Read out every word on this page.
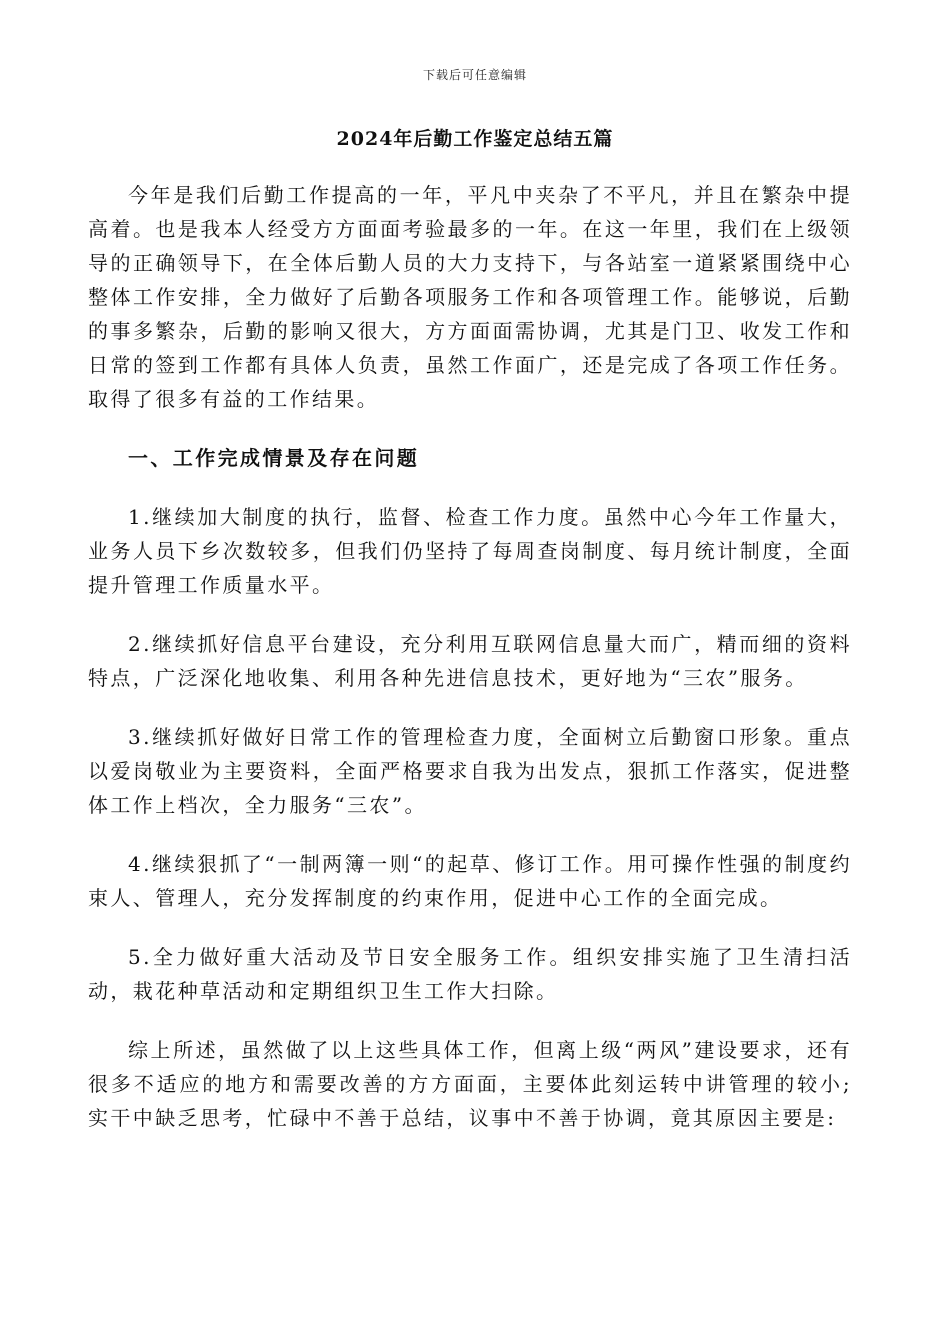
下载后可任意编辑
2024年后勤工作鉴定总结五篇

今年是我们后勤工作提高的一年，平凡中夹杂了不平凡，并且在繁杂中提高着。也是我本人经受方方面面考验最多的一年。在这一年里，我们在上级领导的正确领导下，在全体后勤人员的大力支持下，与各站室一道紧紧围绕中心整体工作安排，全力做好了后勤各项服务工作和各项管理工作。能够说，后勤的事多繁杂，后勤的影响又很大，方方面面需协调，尤其是门卫、收发工作和日常的签到工作都有具体人负责，虽然工作面广，还是完成了各项工作任务。取得了很多有益的工作结果。

一、工作完成情景及存在问题

1.继续加大制度的执行，监督、检查工作力度。虽然中心今年工作量大，业务人员下乡次数较多，但我们仍坚持了每周查岗制度、每月统计制度，全面提升管理工作质量水平。

2.继续抓好信息平台建设，充分利用互联网信息量大而广，精而细的资料特点，广泛深化地收集、利用各种先进信息技术，更好地为“三农”服务。

3.继续抓好做好日常工作的管理检查力度，全面树立后勤窗口形象。重点以爱岗敬业为主要资料，全面严格要求自我为出发点，狠抓工作落实，促进整体工作上档次，全力服务“三农”。

4.继续狠抓了“一制两簿一则“的起草、修订工作。用可操作性强的制度约束人、管理人，充分发挥制度的约束作用，促进中心工作的全面完成。

5.全力做好重大活动及节日安全服务工作。组织安排实施了卫生清扫活动，栽花种草活动和定期组织卫生工作大扫除。

综上所述，虽然做了以上这些具体工作，但离上级“两风”建设要求，还有很多不适应的地方和需要改善的方方面面，主要体此刻运转中讲管理的较小;实干中缺乏思考，忙碌中不善于总结，议事中不善于协调，竟其原因主要是:
